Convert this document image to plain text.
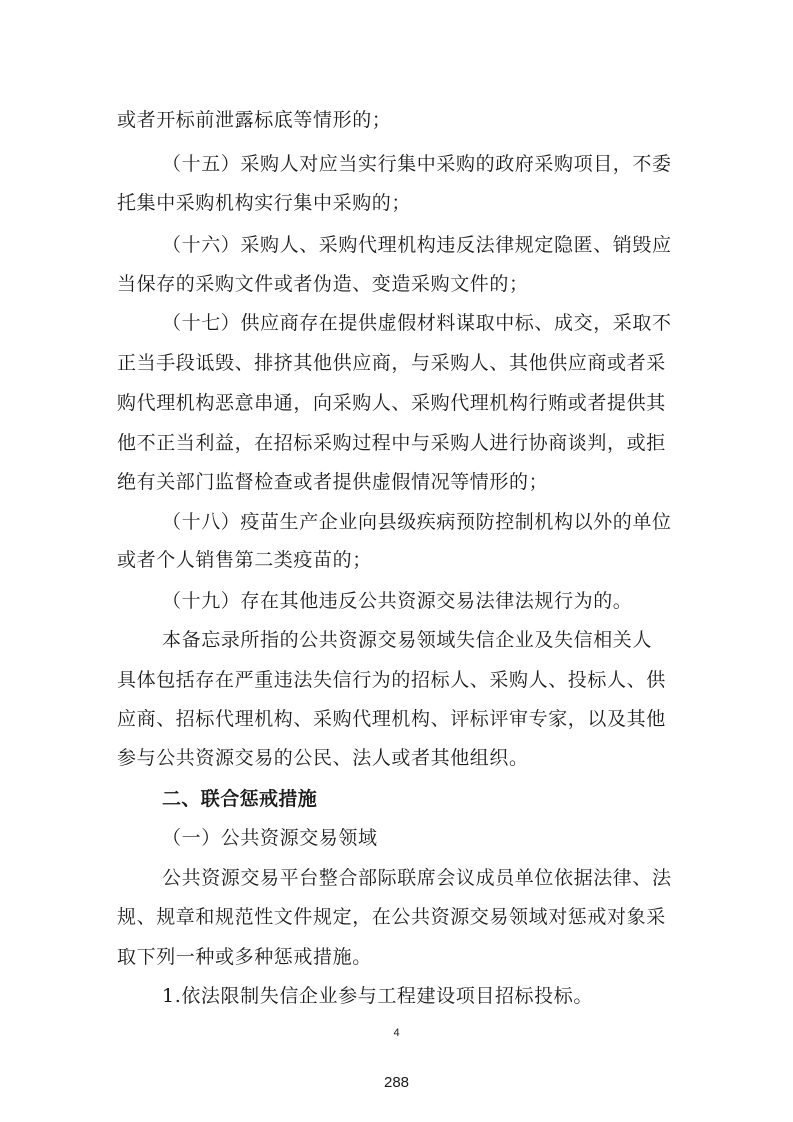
或者开标前泄露标底等情形的；
（十五）采购人对应当实行集中采购的政府采购项目，不委
托集中采购机构实行集中采购的；
（十六）采购人、采购代理机构违反法律规定隐匿、销毁应
当保存的采购文件或者伪造、变造采购文件的；
（十七）供应商存在提供虚假材料谋取中标、成交，采取不
正当手段诋毁、排挤其他供应商，与采购人、其他供应商或者采
购代理机构恶意串通，向采购人、采购代理机构行贿或者提供其
他不正当利益，在招标采购过程中与采购人进行协商谈判，或拒
绝有关部门监督检查或者提供虚假情况等情形的；
（十八）疫苗生产企业向县级疾病预防控制机构以外的单位
或者个人销售第二类疫苗的；
（十九）存在其他违反公共资源交易法律法规行为的。
本备忘录所指的公共资源交易领域失信企业及失信相关人
具体包括存在严重违法失信行为的招标人、采购人、投标人、供
应商、招标代理机构、采购代理机构、评标评审专家，以及其他
参与公共资源交易的公民、法人或者其他组织。
二、联合惩戒措施
（一）公共资源交易领域
公共资源交易平台整合部际联席会议成员单位依据法律、法
规、规章和规范性文件规定，在公共资源交易领域对惩戒对象采
取下列一种或多种惩戒措施。
1.依法限制失信企业参与工程建设项目招标投标。
4
288
